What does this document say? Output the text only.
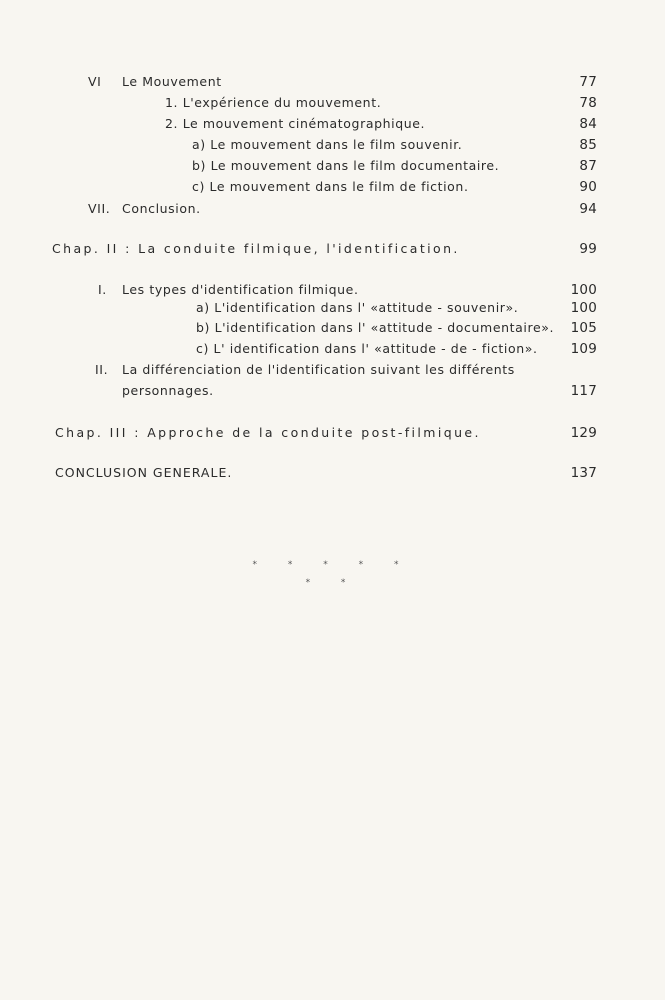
VI Le Mouvement	77
1. L'expérience du mouvement.	78
2. Le mouvement cinématographique.	84
a) Le mouvement dans le film souvenir.	85
b) Le mouvement dans le film documentaire.	87
c) Le mouvement dans le film de fiction.	90
VII. Conclusion.	94
Chap. II : La conduite filmique, l'identification.	99
I. Les types d'identification filmique.	100
a) L'identification dans l' «attitude - souvenir».	100
b) L'identification dans l' «attitude - documentaire». 105
c) L' identification dans l' «attitude - de - fiction». 109
II. La différenciation de l'identification suivant les différents
personnages.	117
Chap. III : Approche de la conduite post-filmique.	129
CONCLUSION GENERALE.	137
* * * * *
* *
